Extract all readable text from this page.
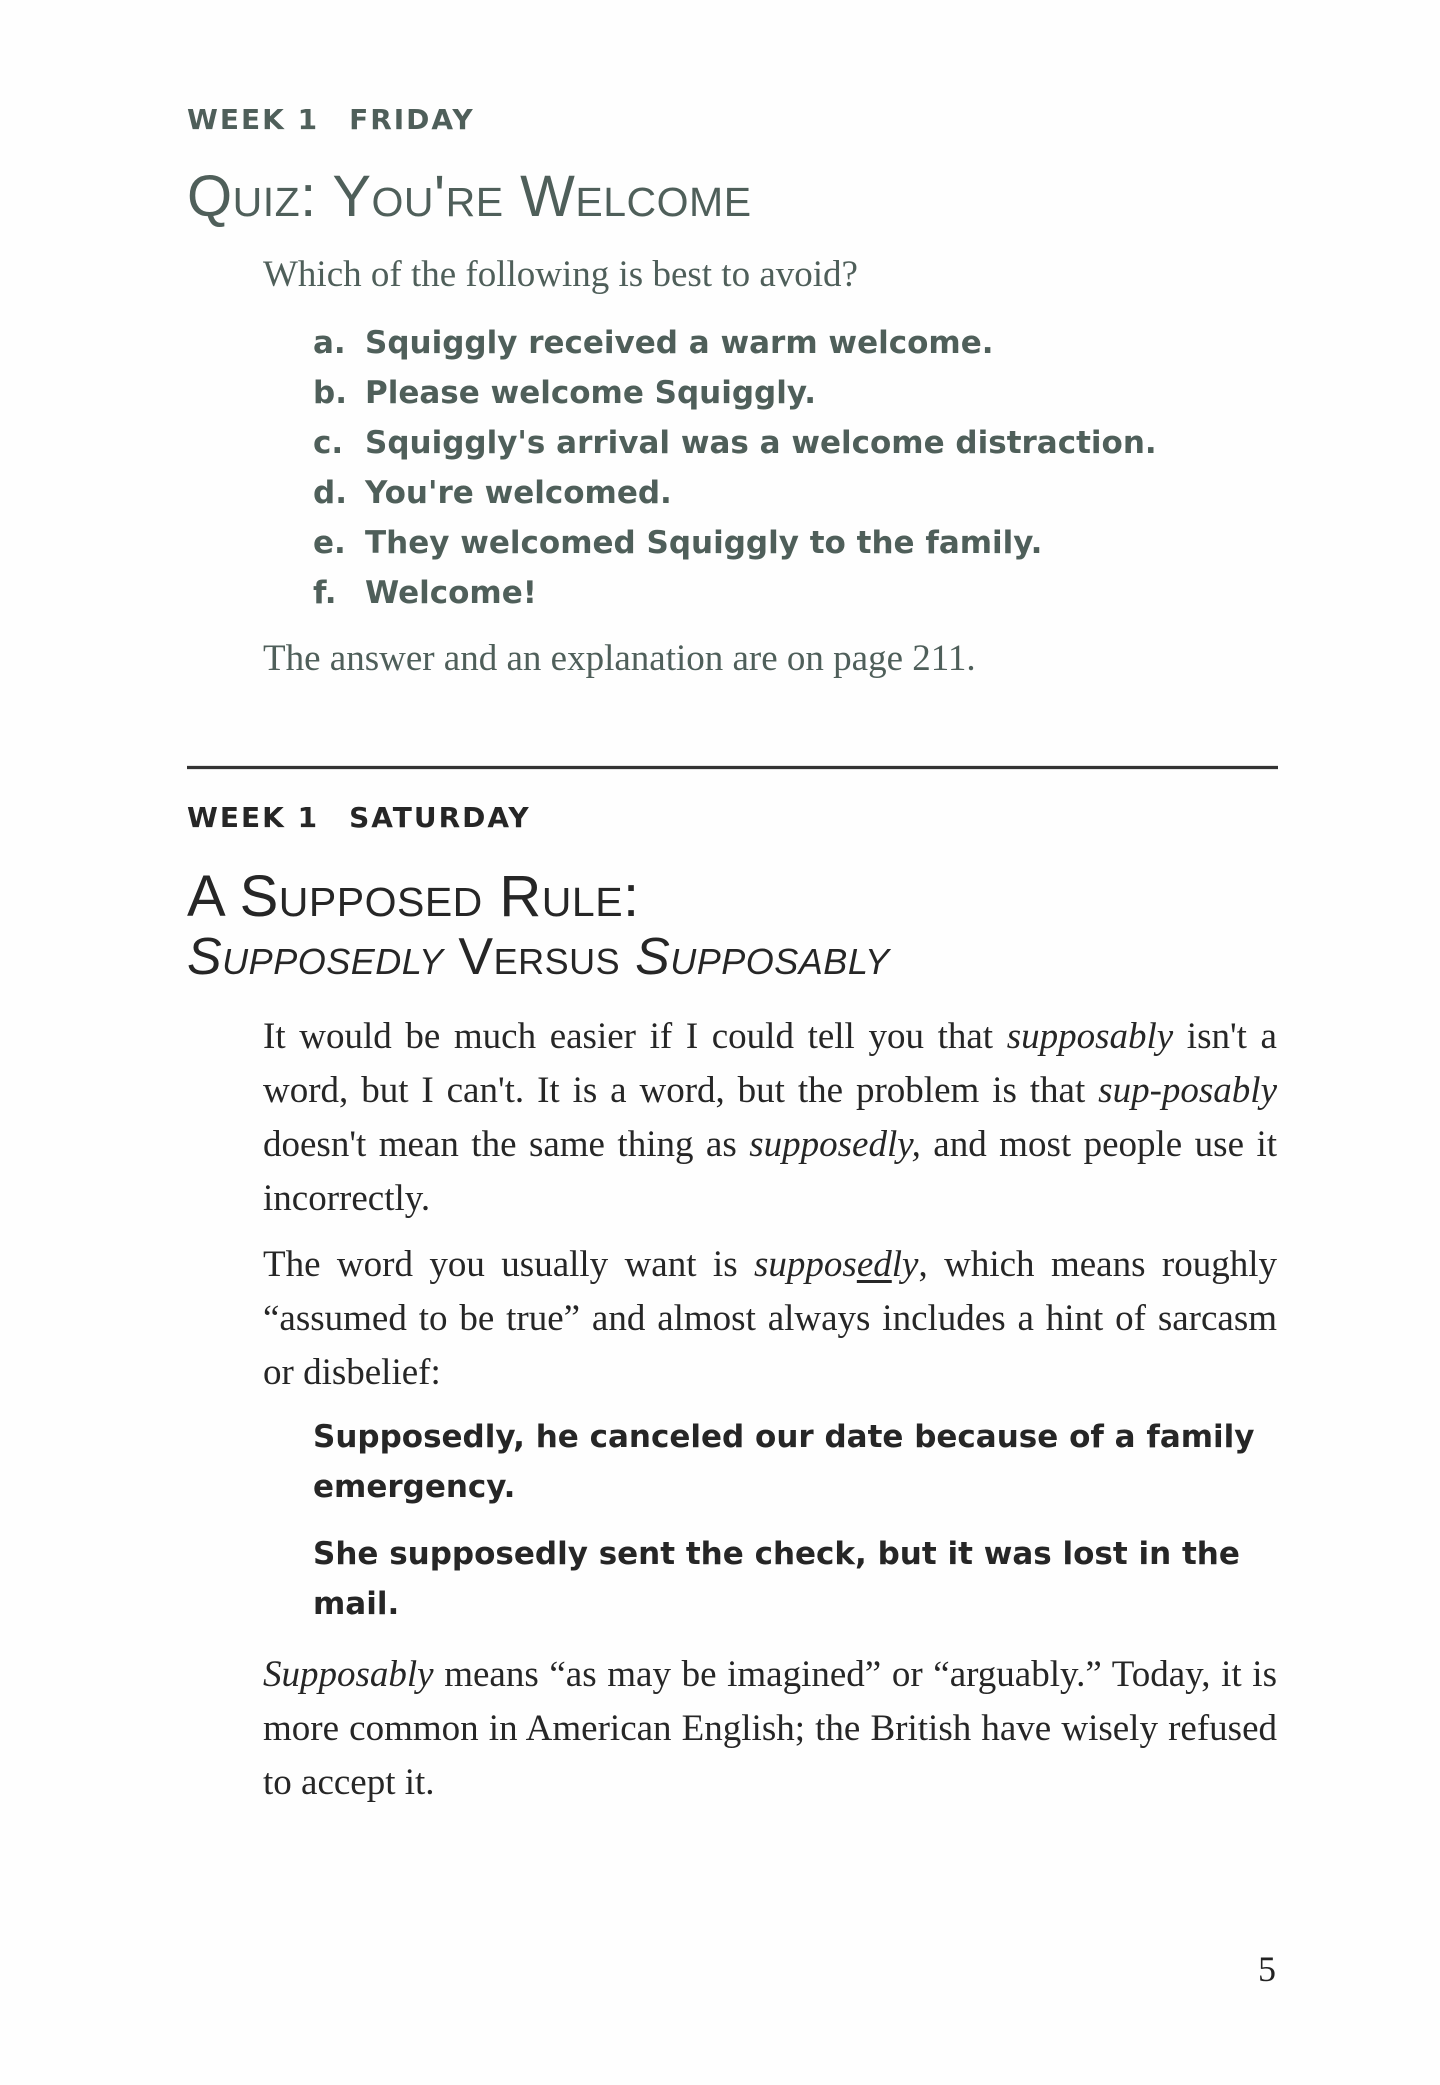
WEEK 1 FRIDAY
Quiz: You're Welcome
Which of the following is best to avoid?
a. Squiggly received a warm welcome.
b. Please welcome Squiggly.
c. Squiggly's arrival was a welcome distraction.
d. You're welcomed.
e. They welcomed Squiggly to the family.
f. Welcome!
The answer and an explanation are on page 211.
WEEK 1 SATURDAY
A Supposed Rule:
Supposedly Versus Supposably
It would be much easier if I could tell you that supposably isn't a word, but I can't. It is a word, but the problem is that sup-posably doesn't mean the same thing as supposedly, and most people use it incorrectly.
The word you usually want is supposedly, which means roughly “assumed to be true” and almost always includes a hint of sarcasm or disbelief:

Supposedly, he canceled our date because of a family emergency.

She supposedly sent the check, but it was lost in the mail.

Supposably means “as may be imagined” or “arguably.” Today, it is more common in American English; the British have wisely refused to accept it.
5
